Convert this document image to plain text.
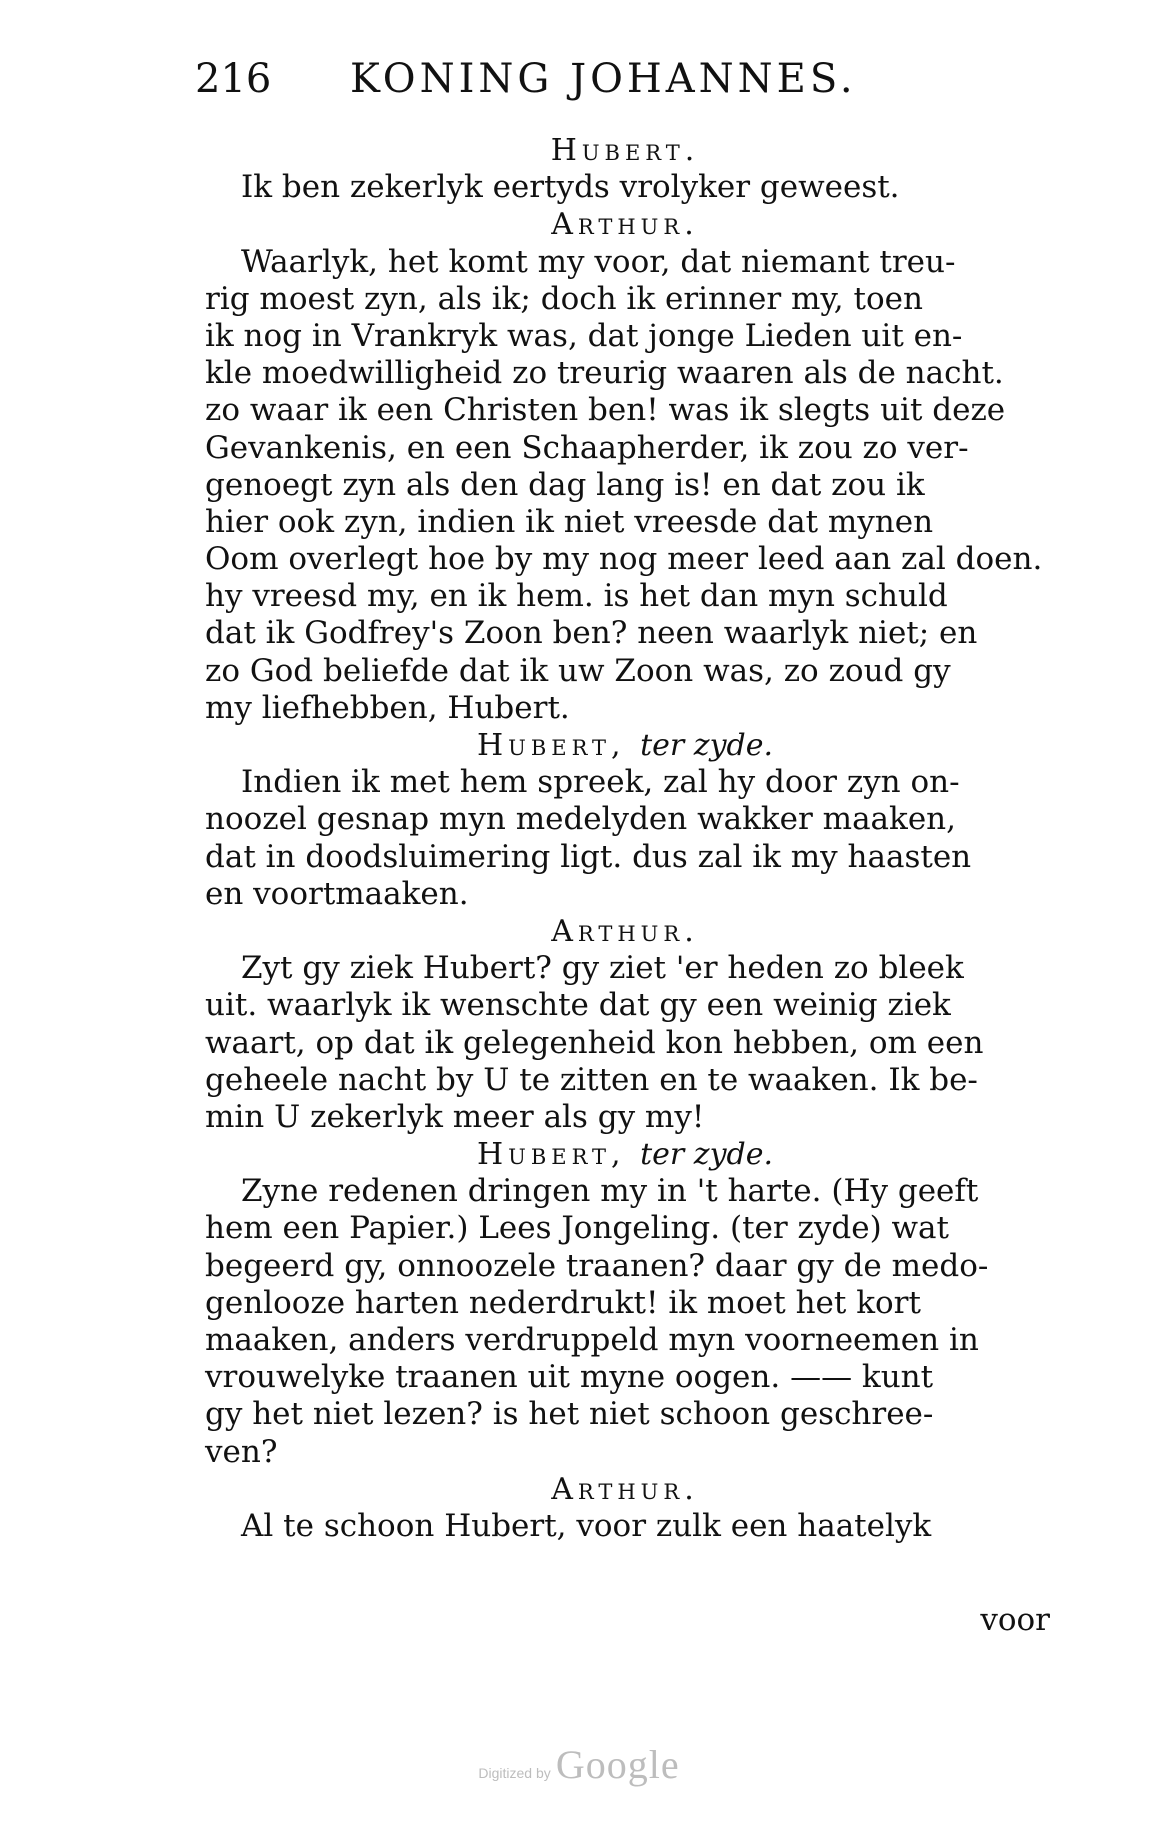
216 KONING JOHANNES.
Hubert.
Ik ben zekerlyk eertyds vrolyker geweest.
Arthur.
Waarlyk, het komt my voor, dat niemant treu-
rig moest zyn, als ik; doch ik erinner my, toen
ik nog in Vrankryk was, dat jonge Lieden uit en-
kle moedwilligheid zo treurig waaren als de nacht.
zo waar ik een Christen ben! was ik slegts uit deze
Gevankenis, en een Schaapherder, ik zou zo ver-
genoegt zyn als den dag lang is! en dat zou ik
hier ook zyn, indien ik niet vreesde dat mynen
Oom overlegt hoe by my nog meer leed aan zal doen.
hy vreesd my, en ik hem. is het dan myn schuld
dat ik Godfrey's Zoon ben? neen waarlyk niet; en
zo God beliefde dat ik uw Zoon was, zo zoud gy
my liefhebben, Hubert.
Hubert, ter zyde.
Indien ik met hem spreek, zal hy door zyn on-
noozel gesnap myn medelyden wakker maaken,
dat in doodsluimering ligt. dus zal ik my haasten
en voortmaaken.
Arthur.
Zyt gy ziek Hubert? gy ziet 'er heden zo bleek
uit. waarlyk ik wenschte dat gy een weinig ziek
waart, op dat ik gelegenheid kon hebben, om een
geheele nacht by U te zitten en te waaken. Ik be-
min U zekerlyk meer als gy my!
Hubert, ter zyde.
Zyne redenen dringen my in 't harte. (Hy geeft
hem een Papier.) Lees Jongeling. (ter zyde) wat
begeerd gy, onnoozele traanen? daar gy de medo-
genlooze harten nederdrukt! ik moet het kort
maaken, anders verdruppeld myn voorneemen in
vrouwelyke traanen uit myne oogen. —— kunt
gy het niet lezen? is het niet schoon geschree-
ven?
Arthur.
Al te schoon Hubert, voor zulk een haatelyk
voor
Digitized by Google
